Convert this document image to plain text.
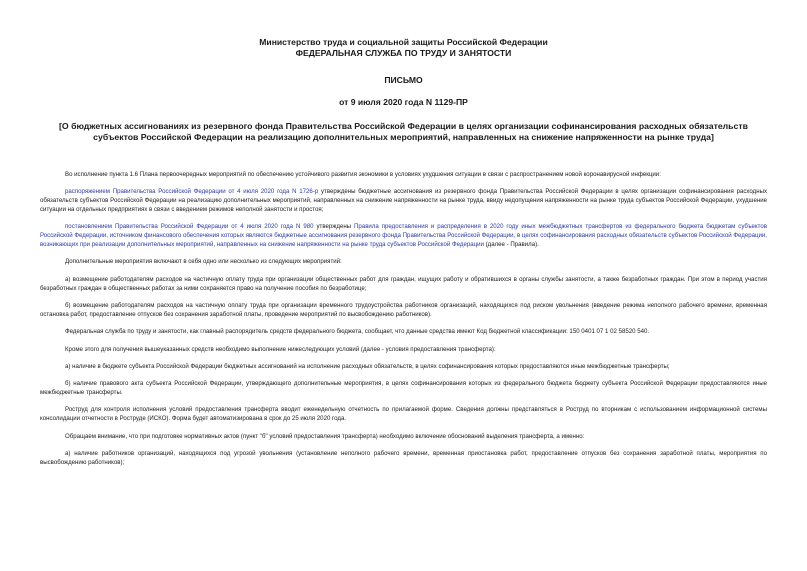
Министерство труда и социальной защиты Российской Федерации
ФЕДЕРАЛЬНАЯ СЛУЖБА ПО ТРУДУ И ЗАНЯТОСТИ
ПИСЬМО
от 9 июля 2020 года N 1129-ПР
[О бюджетных ассигнованиях из резервного фонда Правительства Российской Федерации в целях организации софинансирования расходных обязательств субъектов Российской Федерации на реализацию дополнительных мероприятий, направленных на снижение напряженности на рынке труда]

Во исполнение пункта 1.6 Плана первоочередных мероприятий по обеспечению устойчивого развития экономики в условиях ухудшения ситуации в связи с распространением новой коронавирусной инфекции:

распоряжением Правительства Российской Федерации от 4 июля 2020 года N 1726-р утверждены бюджетные ассигнования из резервного фонда Правительства Российской Федерации в целях организации софинансирования расходных обязательств субъектов Российской Федерации на реализацию дополнительных мероприятий, направленных на снижение напряженности на рынке труда, ввиду недопущения напряженности на рынке труда субъектов Российской Федерации, ухудшение ситуации на отдельных предприятиях в связи с введением режимов неполной занятости и простоя;

постановлением Правительства Российской Федерации от 4 июля 2020 года N 980 утверждены Правила предоставления и распределения в 2020 году иных межбюджетных трансфертов из федерального бюджета бюджетам субъектов Российской Федерации, источником финансового обеспечения которых являются бюджетные ассигнования резервного фонда Правительства Российской Федерации, в целях софинансирования расходных обязательств субъектов Российской Федерации, возникающих при реализации дополнительных мероприятий, направленных на снижение напряженности на рынке труда субъектов Российской Федерации (далее - Правила).

Дополнительные мероприятия включают в себя одно или несколько из следующих мероприятий:

а) возмещение работодателям расходов на частичную оплату труда при организации общественных работ для граждан, ищущих работу и обратившихся в органы службы занятости, а также безработных граждан. При этом в период участия безработных граждан в общественных работах за ними сохраняется право на получение пособия по безработице;

б) возмещение работодателям расходов на частичную оплату труда при организации временного трудоустройства работников организаций, находящихся под риском увольнения (введение режима неполного рабочего времени, временная остановка работ, предоставление отпусков без сохранения заработной платы, проведение мероприятий по высвобождению работников).

Федеральная служба по труду и занятости, как главный распорядитель средств федерального бюджета, сообщает, что данные средства имеют Код бюджетной классификации: 150 0401 07 1 02 58520 540.

Кроме этого для получения вышеуказанных средств необходимо выполнение нижеследующих условий (далее - условия предоставления трансферта):

а) наличие в бюджете субъекта Российской Федерации бюджетных ассигнований на исполнение расходных обязательств, в целях софинансирования которых предоставляются иные межбюджетные трансферты;

б) наличие правового акта субъекта Российской Федерации, утверждающего дополнительные мероприятия, в целях софинансирования которых из федерального бюджета бюджету субъекта Российской Федерации предоставляются иные межбюджетные трансферты.

Роструд для контроля исполнения условий предоставления трансферта вводит еженедельную отчетность по прилагаемой форме. Сведения должны представляться в Роструд по вторникам с использованием информационной системы консолидации отчетности в Роструде (ИСКО). Форма будет автоматизирована в срок до 25 июля 2020 года.

Обращаем внимание, что при подготовке нормативных актов (пункт "б" условий предоставления трансферта) необходимо включение обоснований выделения трансферта, а именно:

а) наличие работников организаций, находящихся под угрозой увольнения (установление неполного рабочего времени, временная приостановка работ, предоставление отпусков без сохранения заработной платы, мероприятия по высвобождению работников);
